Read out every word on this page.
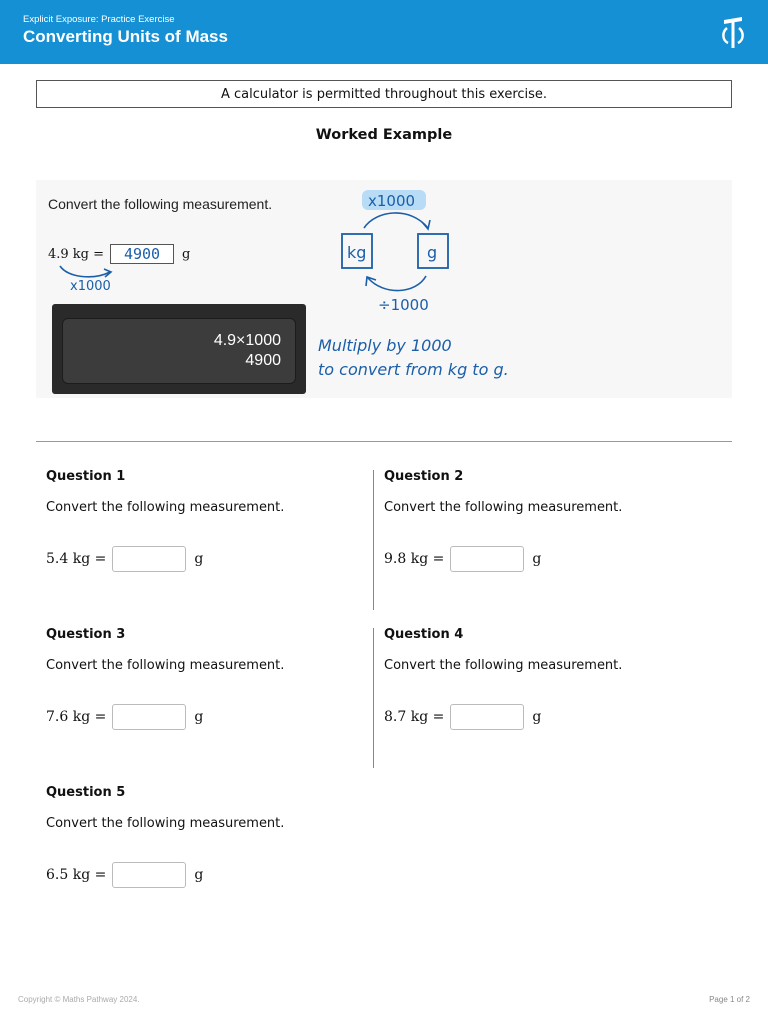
Explicit Exposure: Practice Exercise
Converting Units of Mass
A calculator is permitted throughout this exercise.
Worked Example
Convert the following measurement.
4.9 kg =	4900	g
x1000
4.9×1000
4900
x1000
kg	g
÷1000
Multiply by 1000
to convert from kg to g.
Question 1
Convert the following measurement.
5.4 kg =	g
Question 2
Convert the following measurement.
9.8 kg =	g
Question 3
Convert the following measurement.
7.6 kg =	g
Question 4
Convert the following measurement.
8.7 kg =	g
Question 5
Convert the following measurement.
6.5 kg =	g
Copyright © Maths Pathway 2024.	Page 1 of 2
